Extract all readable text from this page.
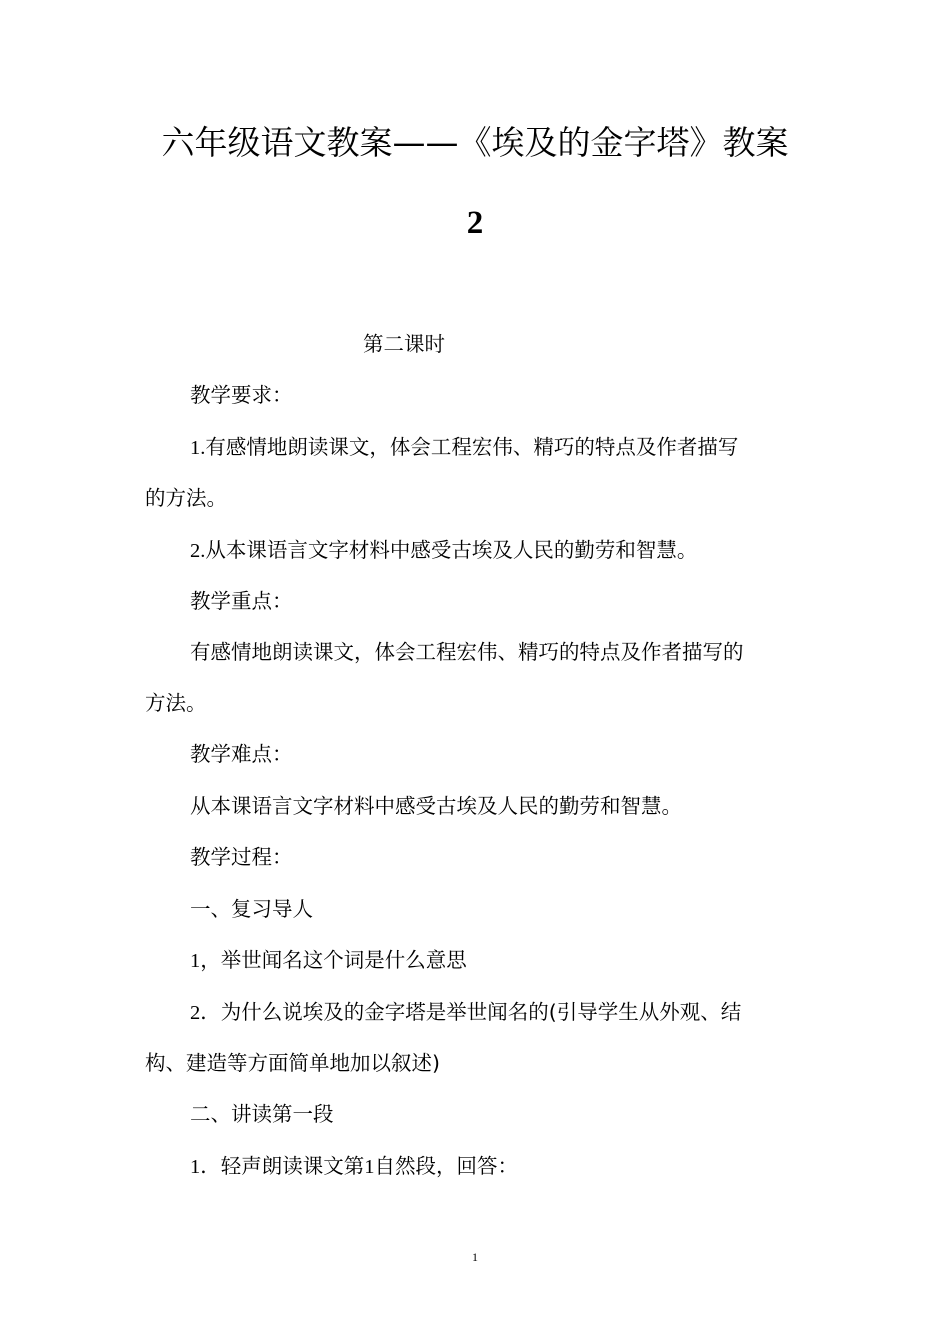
六年级语文教案——《埃及的金字塔》教案
2
第二课时
教学要求：
1.有感情地朗读课文，体会工程宏伟、精巧的特点及作者描写
的方法。
2.从本课语言文字材料中感受古埃及人民的勤劳和智慧。
教学重点：
有感情地朗读课文，体会工程宏伟、精巧的特点及作者描写的
方法。
教学难点：
从本课语言文字材料中感受古埃及人民的勤劳和智慧。
教学过程：
一、复习导人
1，举世闻名这个词是什么意思
2．为什么说埃及的金字塔是举世闻名的(引导学生从外观、结
构、建造等方面简单地加以叙述)
二、讲读第一段
1．轻声朗读课文第1自然段，回答：
1
